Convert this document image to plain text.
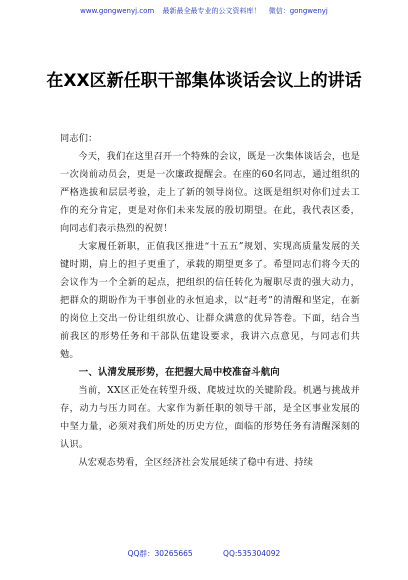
www.gongwenyj.com 最新最全最专业的公文资料库！ 微信：gongwenyj
在XX区新任职干部集体谈话会议上的讲话

同志们：

今天，我们在这里召开一个特殊的会议，既是一次集体谈话会，也是一次岗前动员会，更是一次廉政提醒会。在座的60名同志，通过组织的严格选拔和层层考验，走上了新的领导岗位。这既是组织对你们过去工作的充分肯定，更是对你们未来发展的殷切期望。在此，我代表区委，向同志们表示热烈的祝贺！

大家履任新职，正值我区推进“十五五”规划、实现高质量发展的关键时期，肩上的担子更重了，承载的期望更多了。希望同志们将今天的会议作为一个全新的起点，把组织的信任转化为履职尽责的强大动力，把群众的期盼作为干事创业的永恒追求，以“赶考”的清醒和坚定，在新的岗位上交出一份让组织放心、让群众满意的优异答卷。下面，结合当前我区的形势任务和干部队伍建设要求，我讲六点意见，与同志们共勉。

一、认清发展形势，在把握大局中校准奋斗航向

当前，XX区正处在转型升级、爬坡过坎的关键阶段。机遇与挑战并存，动力与压力同在。大家作为新任职的领导干部，是全区事业发展的中坚力量，必须对我们所处的历史方位，面临的形势任务有清醒深刻的认识。

从宏观态势看，全区经济社会发展延续了稳中有进、持续

QQ群：30265665	QQ:535304092
